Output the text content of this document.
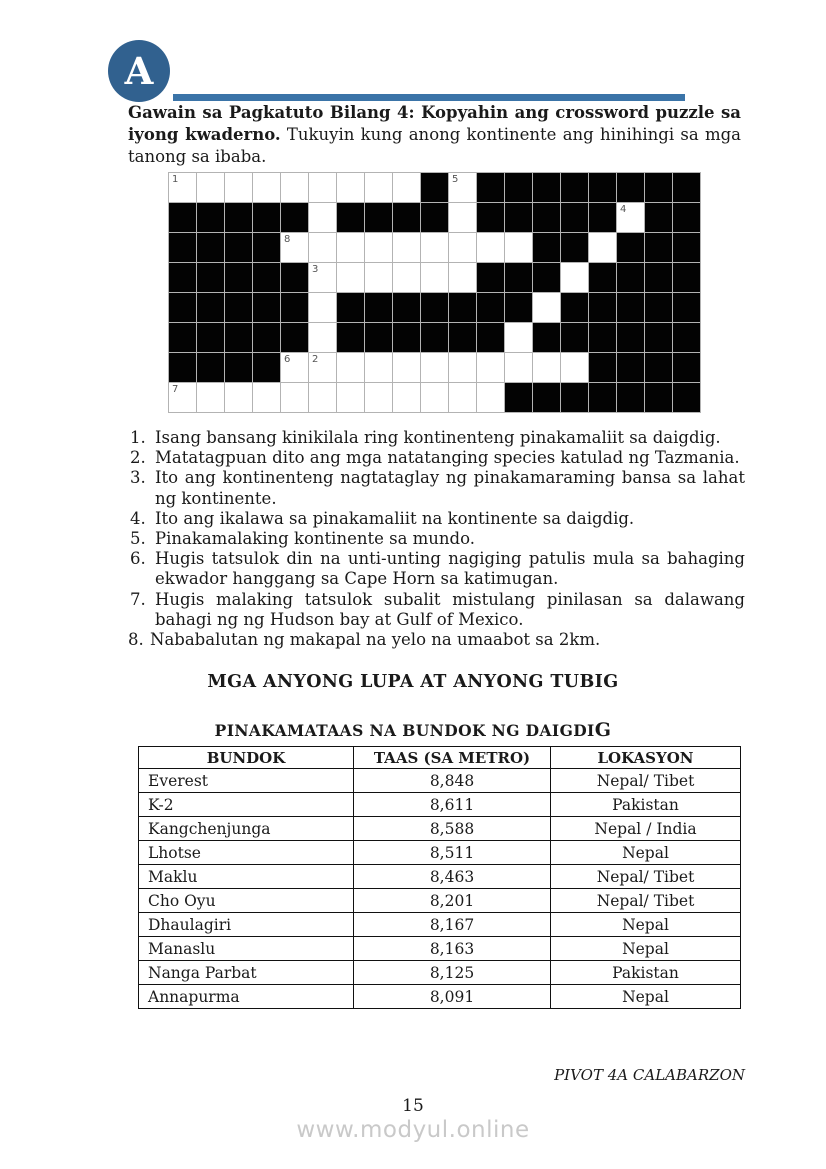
A

Gawain sa Pagkatuto Bilang 4: Kopyahin ang crossword puzzle sa iyong kwaderno. Tukuyin kung anong kontinente ang hinihingi sa mga tanong sa ibaba.

1	5
4
8
3
6 2
7
1. Isang bansang kinikilala ring kontinenteng pinakamaliit sa daigdig.
2. Matatagpuan dito ang mga natatanging species katulad ng Tazmania.
3. Ito ang kontinenteng nagtataglay ng pinakamaraming bansa sa lahat ng kontinente.
4. Ito ang ikalawa sa pinakamaliit na kontinente sa daigdig.
5. Pinakamalaking kontinente sa mundo.
6. Hugis tatsulok din na unti-unting nagiging patulis mula sa bahaging ekwador hanggang sa Cape Horn sa katimugan.
7. Hugis malaking tatsulok subalit mistulang pinilasan sa dalawang bahagi ng ng Hudson bay at Gulf of Mexico.
8. Nababalutan ng makapal na yelo na umaabot sa 2km.
MGA ANYONG LUPA AT ANYONG TUBIG
PINAKAMATAAS NA BUNDOK NG DAIGDIG
BUNDOK	TAAS (SA METRO)	LOKASYON
Everest	8,848	Nepal/ Tibet
K-2	8,611	Pakistan
Kangchenjunga	8,588	Nepal / India
Lhotse	8,511	Nepal
Maklu	8,463	Nepal/ Tibet
Cho Oyu	8,201	Nepal/ Tibet
Dhaulagiri	8,167	Nepal
Manaslu	8,163	Nepal
Nanga Parbat	8,125	Pakistan
Annapurma	8,091	Nepal
PIVOT 4A CALABARZON
15
www.modyul.online
